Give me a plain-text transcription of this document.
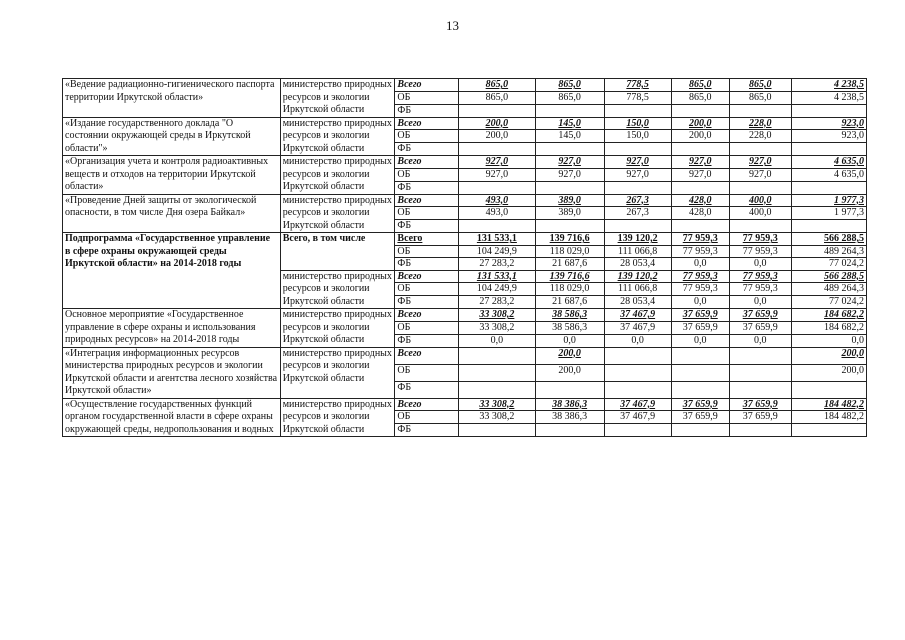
13
«Ведение радиационно-гигиенического паспорта территории Иркутской области»	министерство природных ресурсов и экологии Иркутской области	Всего	865,0	865,0	778,5	865,0	865,0	4 238,5
		ОБ	865,0	865,0	778,5	865,0	865,0	4 238,5
		ФБ						
«Издание государственного доклада "О состоянии окружающей среды в Иркутской области"»	министерство природных ресурсов и экологии Иркутской области	Всего	200,0	145,0	150,0	200,0	228,0	923,0
		ОБ	200,0	145,0	150,0	200,0	228,0	923,0
		ФБ						
«Организация учета и контроля радиоактивных веществ и отходов на территории Иркутской области»	министерство природных ресурсов и экологии Иркутской области	Всего	927,0	927,0	927,0	927,0	927,0	4 635,0
		ОБ	927,0	927,0	927,0	927,0	927,0	4 635,0
		ФБ						
«Проведение Дней защиты от экологической опасности, в том числе Дня озера Байкал»	министерство природных ресурсов и экологии Иркутской области	Всего	493,0	389,0	267,3	428,0	400,0	1 977,3
		ОБ	493,0	389,0	267,3	428,0	400,0	1 977,3
		ФБ						
Подпрограмма «Государственное управление в сфере охраны окружающей среды Иркутской области» на 2014-2018 годы	Всего, в том числе	Всего	131 533,1	139 716,6	139 120,2	77 959,3	77 959,3	566 288,5
		ОБ	104 249,9	118 029,0	111 066,8	77 959,3	77 959,3	489 264,3
		ФБ	27 283,2	21 687,6	28 053,4	0,0	0,0	77 024,2
	министерство природных ресурсов и экологии Иркутской области	Всего	131 533,1	139 716,6	139 120,2	77 959,3	77 959,3	566 288,5
		ОБ	104 249,9	118 029,0	111 066,8	77 959,3	77 959,3	489 264,3
		ФБ	27 283,2	21 687,6	28 053,4	0,0	0,0	77 024,2
Основное мероприятие «Государственное управление в сфере охраны и использования природных ресурсов» на 2014-2018 годы	министерство природных ресурсов и экологии Иркутской области	Всего	33 308,2	38 586,3	37 467,9	37 659,9	37 659,9	184 682,2
		ОБ	33 308,2	38 586,3	37 467,9	37 659,9	37 659,9	184 682,2
		ФБ	0,0	0,0	0,0	0,0	0,0	0,0
«Интеграция информационных ресурсов министерства природных ресурсов и экологии Иркутской области и агентства лесного хозяйства Иркутской области»	министерство природных ресурсов и экологии Иркутской области	Всего		200,0				200,0
		ОБ		200,0				200,0
		ФБ						
«Осуществление государственных функций органом государственной власти в сфере охраны окружающей среды, недропользования и водных	министерство природных ресурсов и экологии Иркутской области	Всего	33 308,2	38 386,3	37 467,9	37 659,9	37 659,9	184 482,2
		ОБ	33 308,2	38 386,3	37 467,9	37 659,9	37 659,9	184 482,2
		ФБ						
